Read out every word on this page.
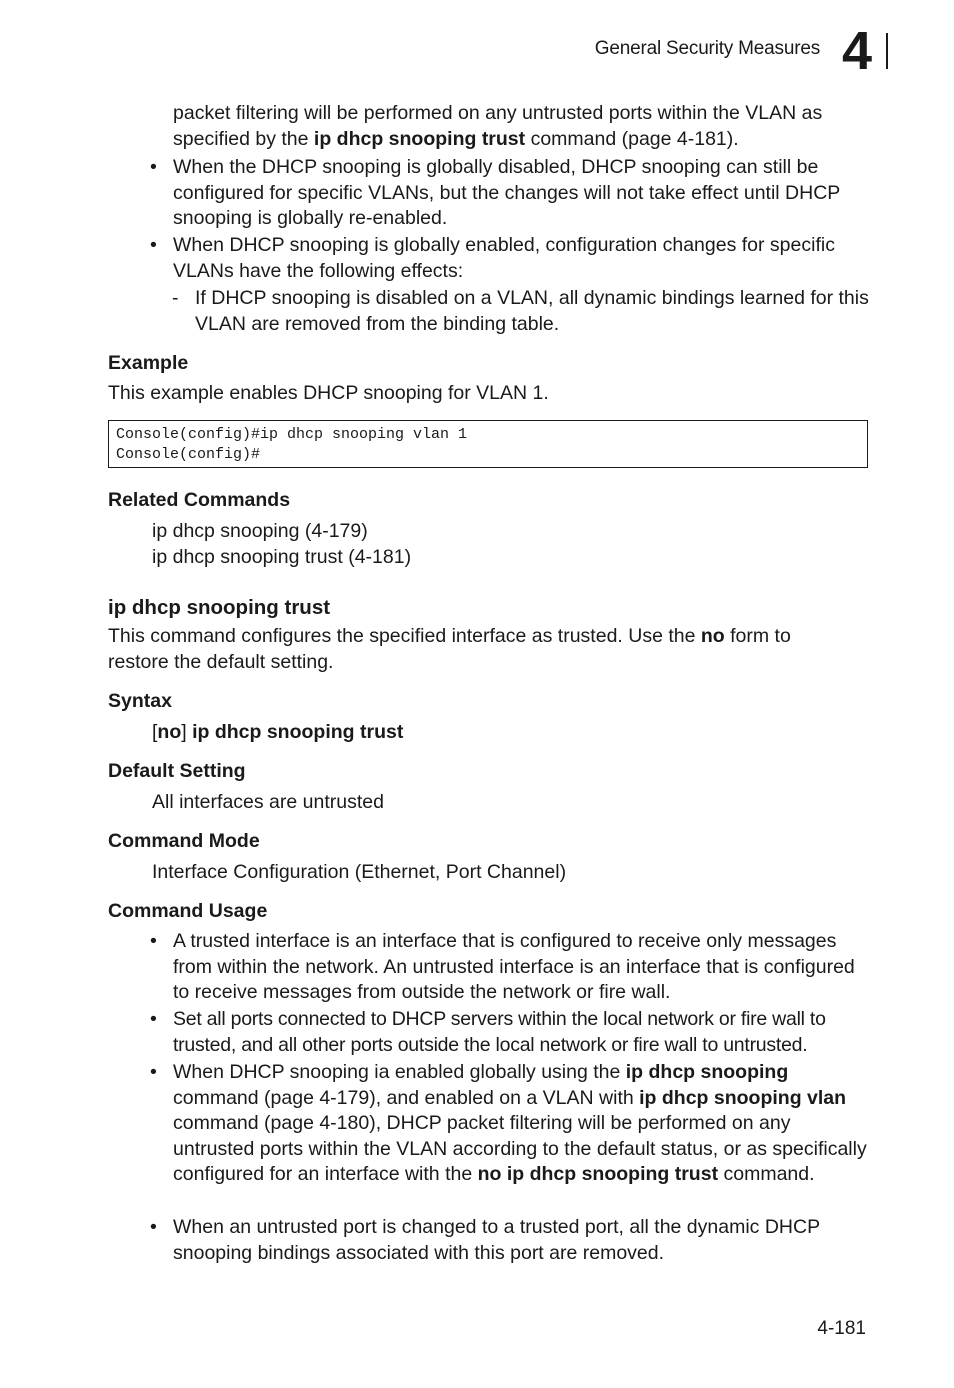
General Security Measures 4
packet filtering will be performed on any untrusted ports within the VLAN as
specified by the ip dhcp snooping trust command (page 4-181).
• When the DHCP snooping is globally disabled, DHCP snooping can still be configured for specific VLANs, but the changes will not take effect until DHCP snooping is globally re-enabled.
• When DHCP snooping is globally enabled, configuration changes for specific VLANs have the following effects:
- If DHCP snooping is disabled on a VLAN, all dynamic bindings learned for this VLAN are removed from the binding table.
Example
This example enables DHCP snooping for VLAN 1.
Console(config)#ip dhcp snooping vlan 1
Console(config)#
Related Commands
ip dhcp snooping (4-179)
ip dhcp snooping trust (4-181)
ip dhcp snooping trust
This command configures the specified interface as trusted. Use the no form to restore the default setting.
Syntax
[no] ip dhcp snooping trust
Default Setting
All interfaces are untrusted
Command Mode
Interface Configuration (Ethernet, Port Channel)
Command Usage
• A trusted interface is an interface that is configured to receive only messages from within the network. An untrusted interface is an interface that is configured to receive messages from outside the network or fire wall.
• Set all ports connected to DHCP servers within the local network or fire wall to trusted, and all other ports outside the local network or fire wall to untrusted.
• When DHCP snooping ia enabled globally using the ip dhcp snooping command (page 4-179), and enabled on a VLAN with ip dhcp snooping vlan command (page 4-180), DHCP packet filtering will be performed on any untrusted ports within the VLAN according to the default status, or as specifically configured for an interface with the no ip dhcp snooping trust command.
• When an untrusted port is changed to a trusted port, all the dynamic DHCP snooping bindings associated with this port are removed.
4-181
